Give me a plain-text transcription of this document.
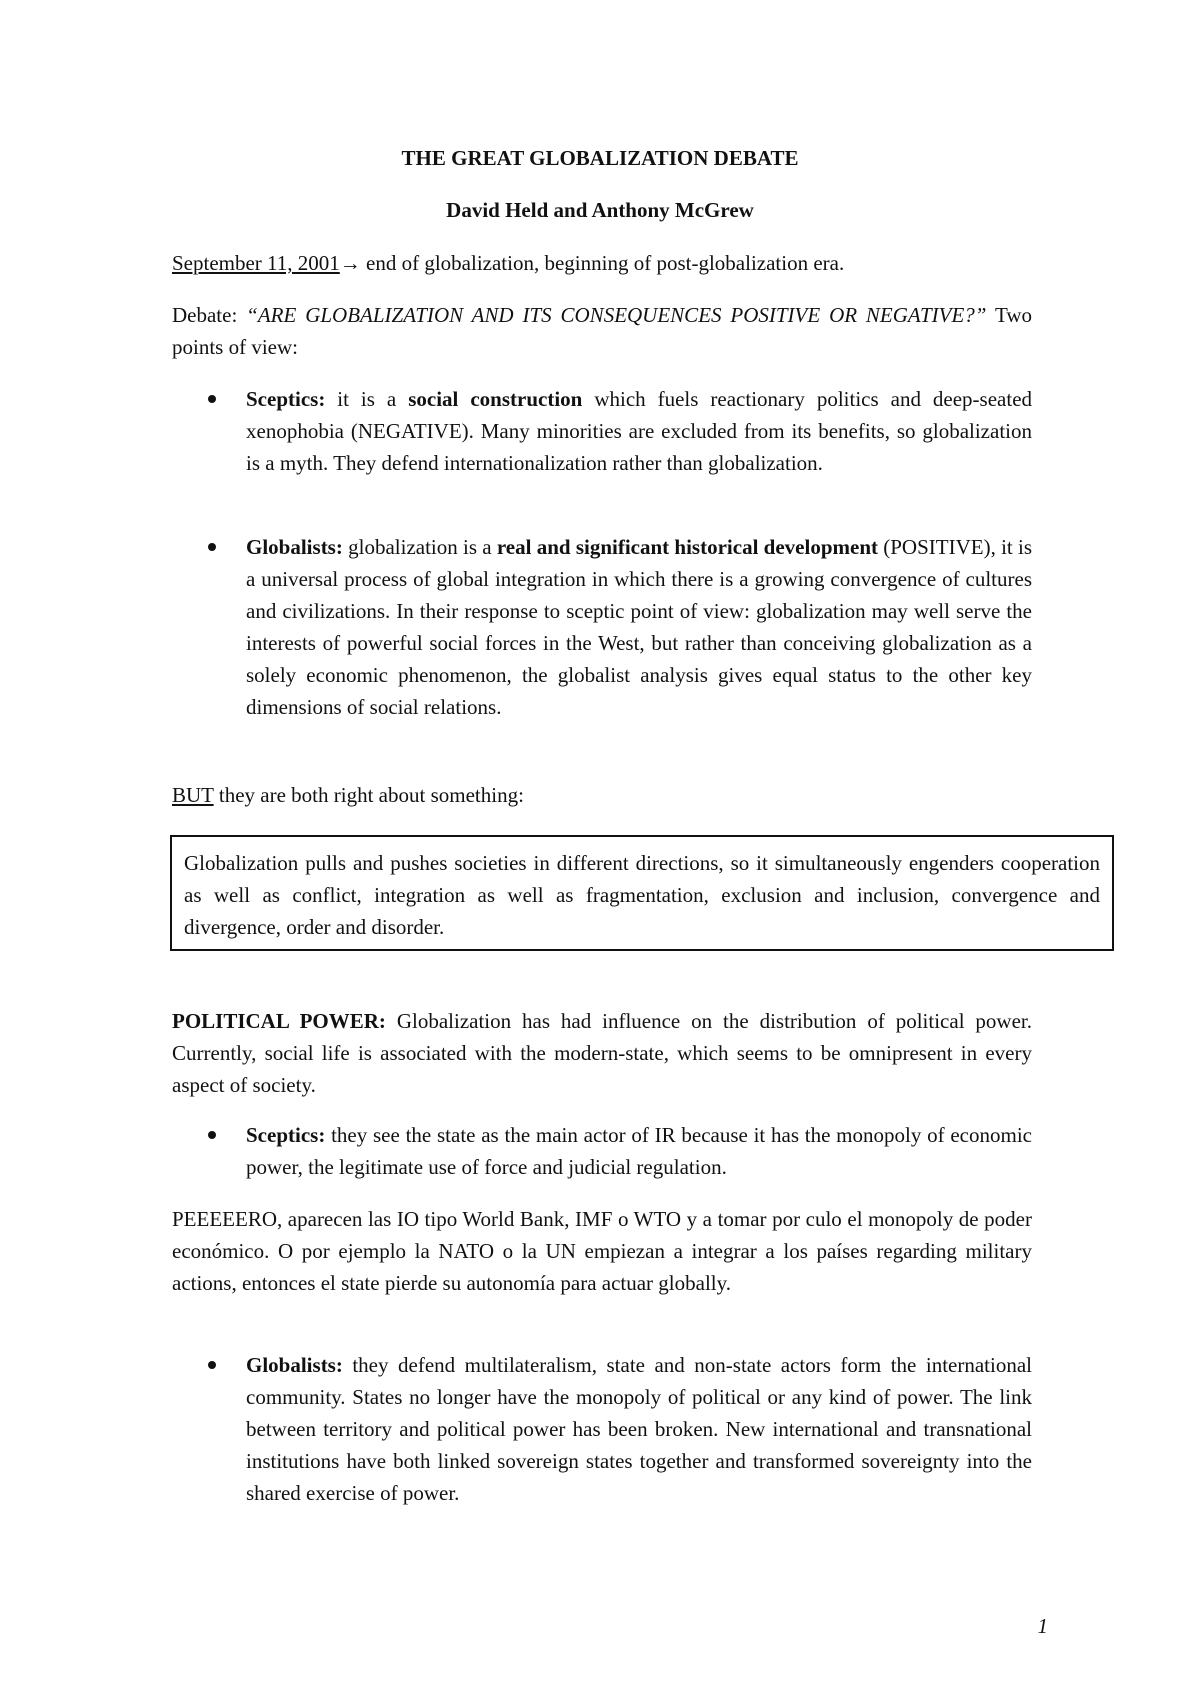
THE GREAT GLOBALIZATION DEBATE
David Held and Anthony McGrew

September 11, 2001→ end of globalization, beginning of post-globalization era.

Debate: “ARE GLOBALIZATION AND ITS CONSEQUENCES POSITIVE OR NEGATIVE?” Two points of view:

Sceptics: it is a social construction which fuels reactionary politics and deep-seated xenophobia (NEGATIVE). Many minorities are excluded from its benefits, so globalization is a myth. They defend internationalization rather than globalization.
Globalists: globalization is a real and significant historical development (POSITIVE), it is a universal process of global integration in which there is a growing convergence of cultures and civilizations. In their response to sceptic point of view: globalization may well serve the interests of powerful social forces in the West, but rather than conceiving globalization as a solely economic phenomenon, the globalist analysis gives equal status to the other key dimensions of social relations.

BUT they are both right about something:

Globalization pulls and pushes societies in different directions, so it simultaneously engenders cooperation as well as conflict, integration as well as fragmentation, exclusion and inclusion, convergence and divergence, order and disorder.

POLITICAL POWER: Globalization has had influence on the distribution of political power. Currently, social life is associated with the modern-state, which seems to be omnipresent in every aspect of society.

Sceptics: they see the state as the main actor of IR because it has the monopoly of economic power, the legitimate use of force and judicial regulation.

PEEEEERO, aparecen las IO tipo World Bank, IMF o WTO y a tomar por culo el monopoly de poder económico. O por ejemplo la NATO o la UN empiezan a integrar a los países regarding military actions, entonces el state pierde su autonomía para actuar globally.

Globalists: they defend multilateralism, state and non-state actors form the international community. States no longer have the monopoly of political or any kind of power. The link between territory and political power has been broken. New international and transnational institutions have both linked sovereign states together and transformed sovereignty into the shared exercise of power.
1
